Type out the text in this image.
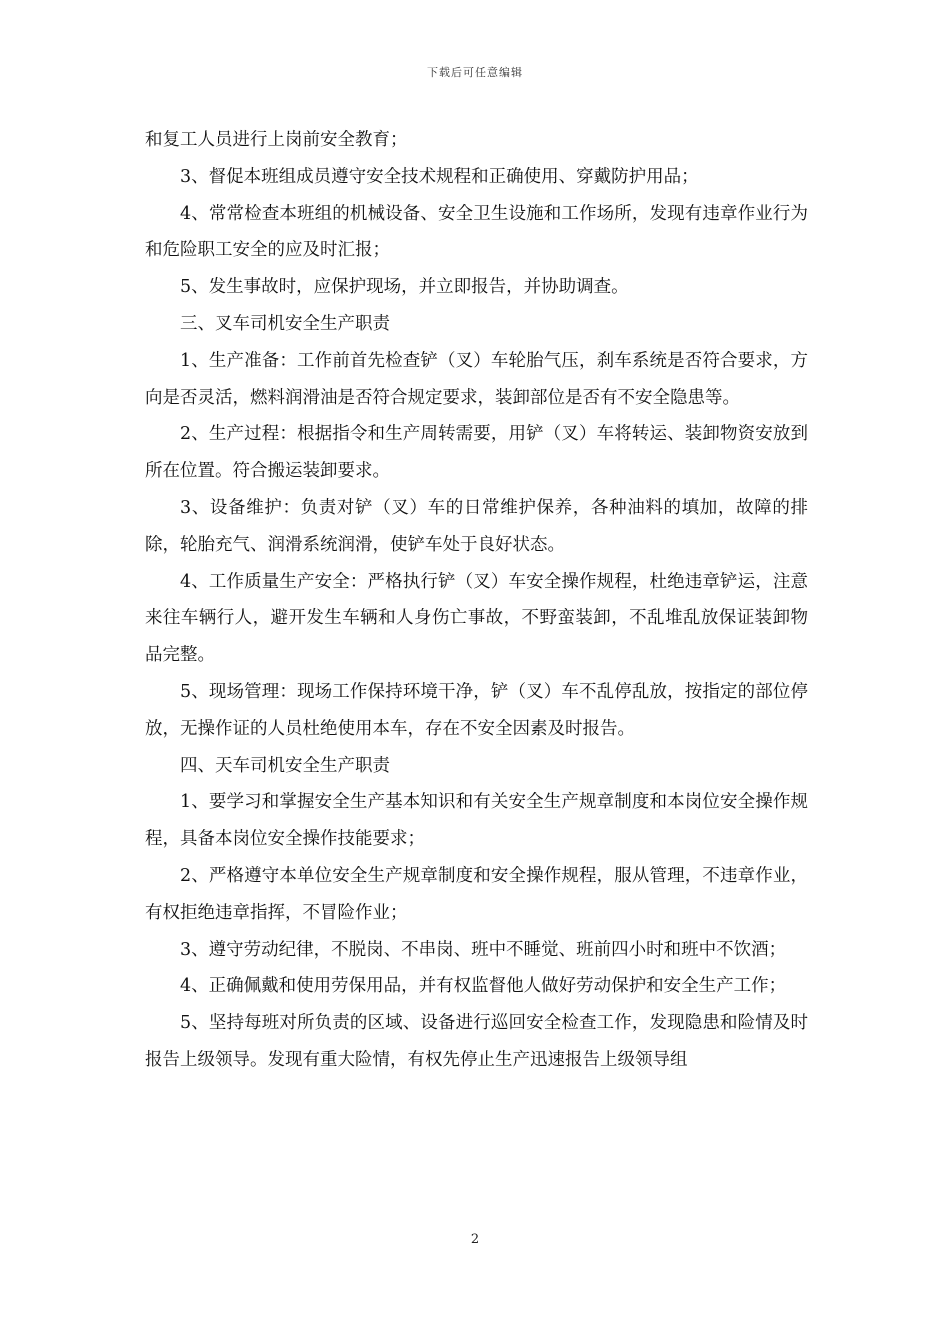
下载后可任意编辑

和复工人员进行上岗前安全教育；

3、督促本班组成员遵守安全技术规程和正确使用、穿戴防护用品；

4、常常检查本班组的机械设备、安全卫生设施和工作场所，发现有违章作业行为和危险职工安全的应及时汇报；

5、发生事故时，应保护现场，并立即报告，并协助调查。

三、叉车司机安全生产职责

1、生产准备：工作前首先检查铲（叉）车轮胎气压，刹车系统是否符合要求，方向是否灵活，燃料润滑油是否符合规定要求，装卸部位是否有不安全隐患等。

2、生产过程：根据指令和生产周转需要，用铲（叉）车将转运、装卸物资安放到所在位置。符合搬运装卸要求。

3、设备维护：负责对铲（叉）车的日常维护保养，各种油料的填加，故障的排除，轮胎充气、润滑系统润滑，使铲车处于良好状态。

4、工作质量生产安全：严格执行铲（叉）车安全操作规程，杜绝违章铲运，注意来往车辆行人，避开发生车辆和人身伤亡事故，不野蛮装卸，不乱堆乱放保证装卸物品完整。

5、现场管理：现场工作保持环境干净，铲（叉）车不乱停乱放，按指定的部位停放，无操作证的人员杜绝使用本车，存在不安全因素及时报告。

四、天车司机安全生产职责

1、要学习和掌握安全生产基本知识和有关安全生产规章制度和本岗位安全操作规程，具备本岗位安全操作技能要求；

2、严格遵守本单位安全生产规章制度和安全操作规程，服从管理，不违章作业，有权拒绝违章指挥，不冒险作业；

3、遵守劳动纪律，不脱岗、不串岗、班中不睡觉、班前四小时和班中不饮酒；

4、正确佩戴和使用劳保用品，并有权监督他人做好劳动保护和安全生产工作；

5、坚持每班对所负责的区域、设备进行巡回安全检查工作，发现隐患和险情及时报告上级领导。发现有重大险情，有权先停止生产迅速报告上级领导组

2
